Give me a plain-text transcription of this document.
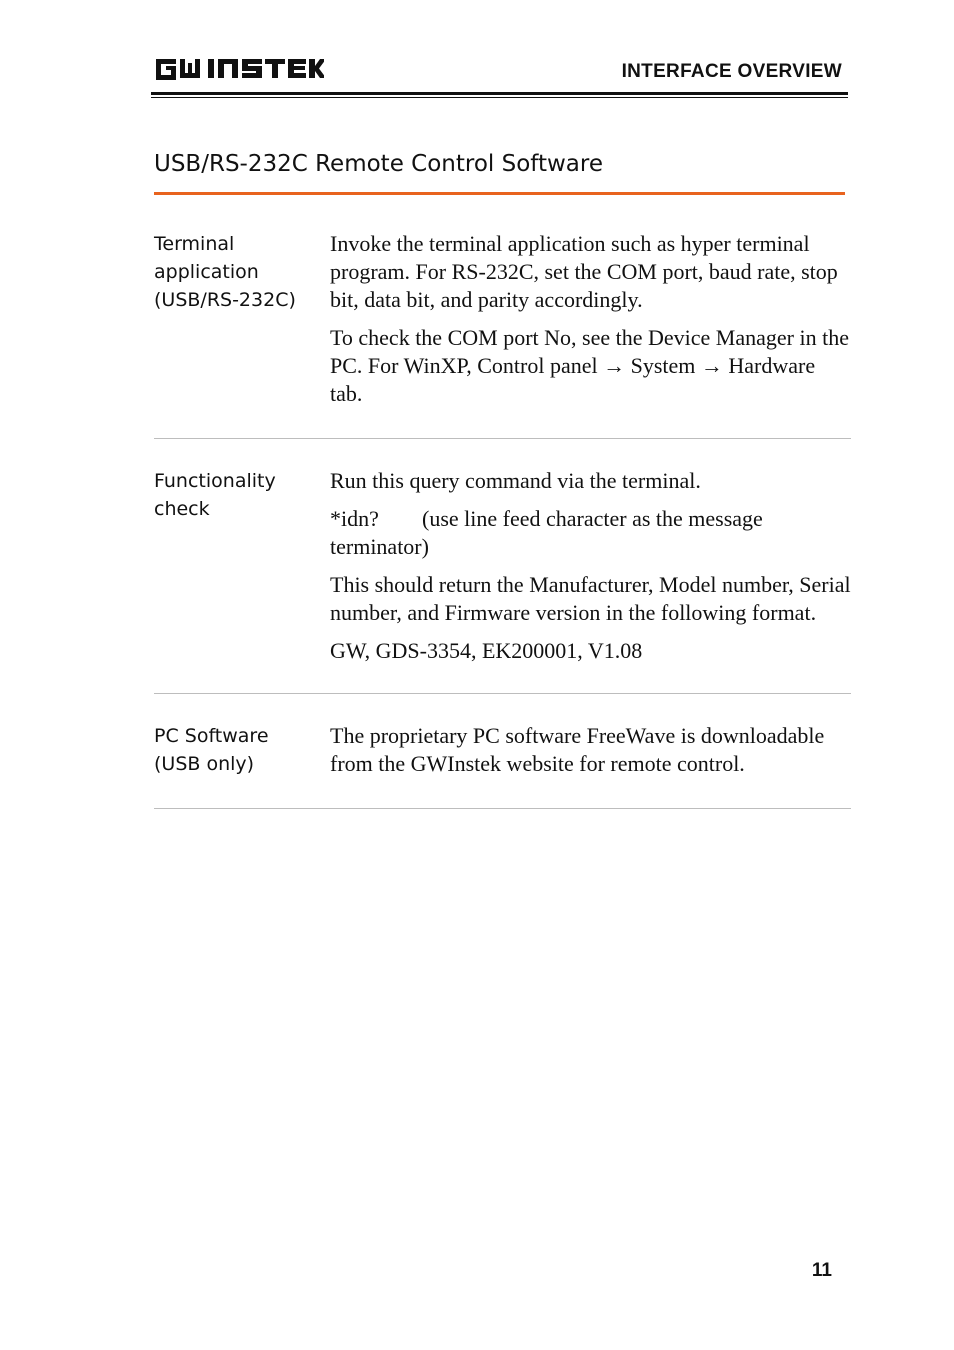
INTERFACE OVERVIEW
USB/RS-232C Remote Control Software
Terminal
application
(USB/RS-232C)

Invoke the terminal application such as hyper terminal program. For RS-232C, set the COM port, baud rate, stop bit, data bit, and parity accordingly.

To check the COM port No, see the Device Manager in the PC. For WinXP, Control panel → System → Hardware tab.

Functionality
check

Run this query command via the terminal.

*idn? (use line feed character as the message terminator)

This should return the Manufacturer, Model number, Serial number, and Firmware version in the following format.

GW, GDS-3354, EK200001, V1.08

PC Software
(USB only)

The proprietary PC software FreeWave is downloadable from the GWInstek website for remote control.

11
